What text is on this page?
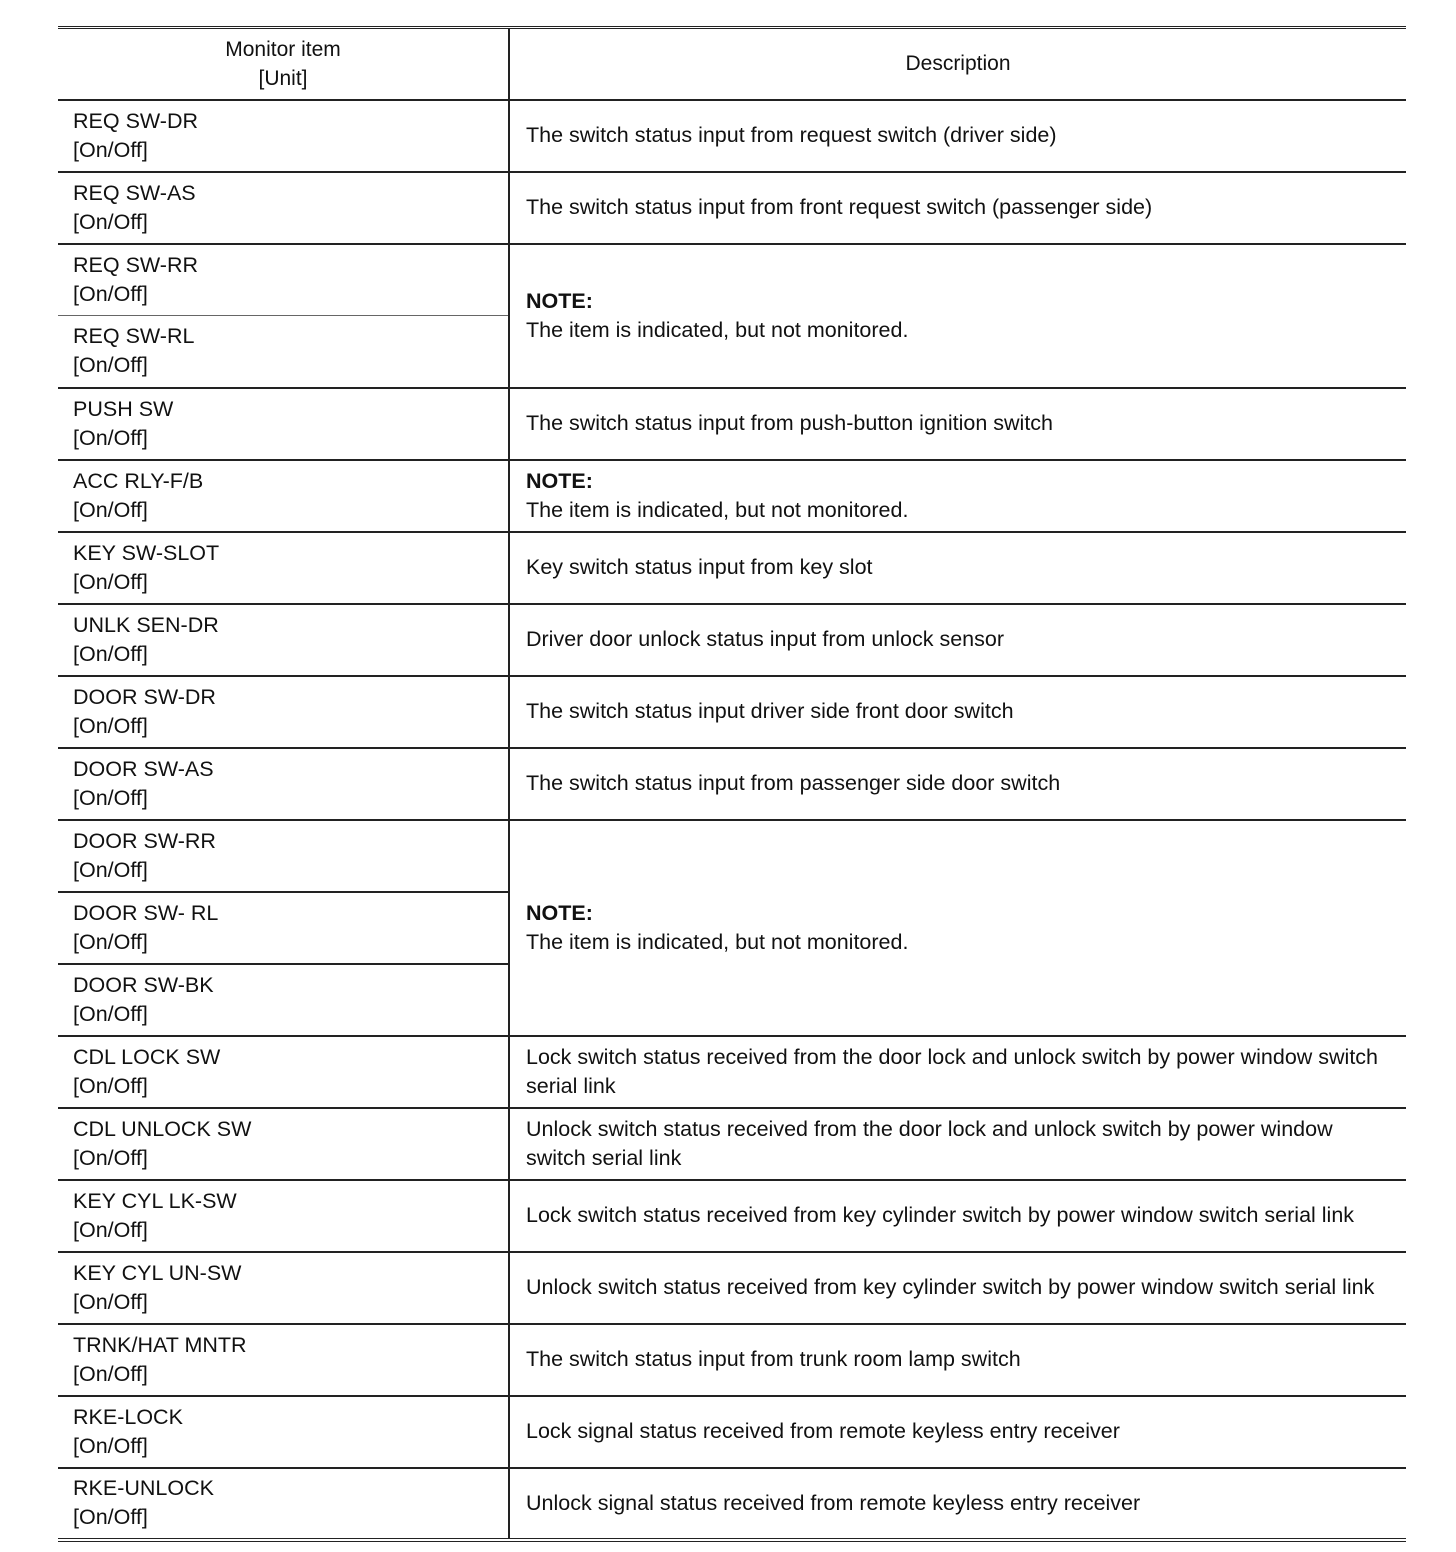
Monitor item
[Unit]	Description

REQ SW-DR
[On/Off]	The switch status input from request switch (driver side)

REQ SW-AS
[On/Off]	The switch status input from front request switch (passenger side)

REQ SW-RR
[On/Off]	NOTE:
The item is indicated, but not monitored.

REQ SW-RL
[On/Off]	

PUSH SW
[On/Off]	The switch status input from push-button ignition switch

ACC RLY-F/B
[On/Off]	NOTE:
The item is indicated, but not monitored.

KEY SW-SLOT
[On/Off]	Key switch status input from key slot

UNLK SEN-DR
[On/Off]	Driver door unlock status input from unlock sensor

DOOR SW-DR
[On/Off]	The switch status input driver side front door switch

DOOR SW-AS
[On/Off]	The switch status input from passenger side door switch

DOOR SW-RR
[On/Off]	NOTE:
The item is indicated, but not monitored.

DOOR SW- RL
[On/Off]	

DOOR SW-BK
[On/Off]	

CDL LOCK SW
[On/Off]	Lock switch status received from the door lock and unlock switch by power window switch serial link

CDL UNLOCK SW
[On/Off]	Unlock switch status received from the door lock and unlock switch by power window switch serial link

KEY CYL LK-SW
[On/Off]	Lock switch status received from key cylinder switch by power window switch serial link

KEY CYL UN-SW
[On/Off]	Unlock switch status received from key cylinder switch by power window switch serial link

TRNK/HAT MNTR
[On/Off]	The switch status input from trunk room lamp switch

RKE-LOCK
[On/Off]	Lock signal status received from remote keyless entry receiver

RKE-UNLOCK
[On/Off]	Unlock signal status received from remote keyless entry receiver
